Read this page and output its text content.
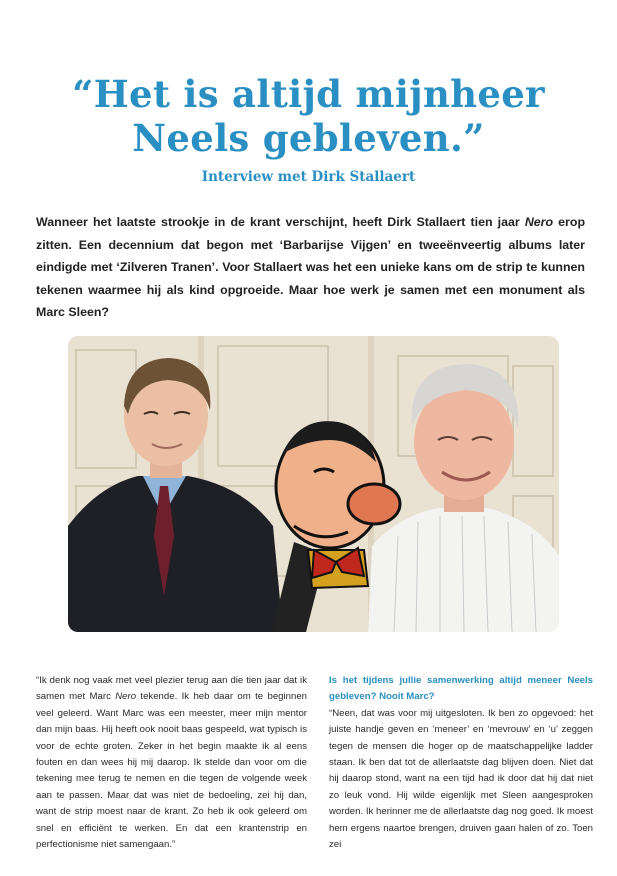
“Het is altijd mijnheer
Neels gebleven.”
Interview met Dirk Stallaert

Wanneer het laatste strookje in de krant verschijnt, heeft Dirk Stallaert tien jaar Nero erop zitten. Een decennium dat begon met ‘Barbarijse Vijgen’ en tweeënveertig albums later eindigde met ‘Zilveren Tranen’. Voor Stallaert was het een unieke kans om de strip te kunnen tekenen waarmee hij als kind opgroeide. Maar hoe werk je samen met een monument als Marc Sleen?

“Ik denk nog vaak met veel plezier terug aan die tien jaar dat ik samen met Marc Nero tekende. Ik heb daar om te beginnen veel geleerd. Want Marc was een meester, meer mijn mentor dan mijn baas. Hij heeft ook nooit baas gespeeld, wat typisch is voor de echte groten. Zeker in het begin maakte ik al eens fouten en dan wees hij mij daarop. Ik stelde dan voor om die tekening mee terug te nemen en die tegen de volgende week aan te passen. Maar dat was niet de bedoeling, zei hij dan, want de strip moest naar de krant. Zo heb ik ook geleerd om snel en efficiënt te werken. En dat een krantenstrip en perfectionisme niet samengaan.”

Is het tijdens jullie samenwerking altijd meneer Neels gebleven? Nooit Marc?

“Neen, dat was voor mij uitgesloten. Ik ben zo opgevoed: het juiste handje geven en ‘meneer’ en ‘mevrouw’ en ‘u’ zeggen tegen de mensen die hoger op de maatschappelijke ladder staan. Ik ben dat tot de allerlaatste dag blijven doen. Niet dat hij daarop stond, want na een tijd had ik door dat hij dat niet zo leuk vond. Hij wilde eigenlijk met Sleen aangesproken worden. Ik herinner me de allerlaatste dag nog goed. Ik moest hem ergens naartoe brengen, druiven gaan halen of zo. Toen zei
